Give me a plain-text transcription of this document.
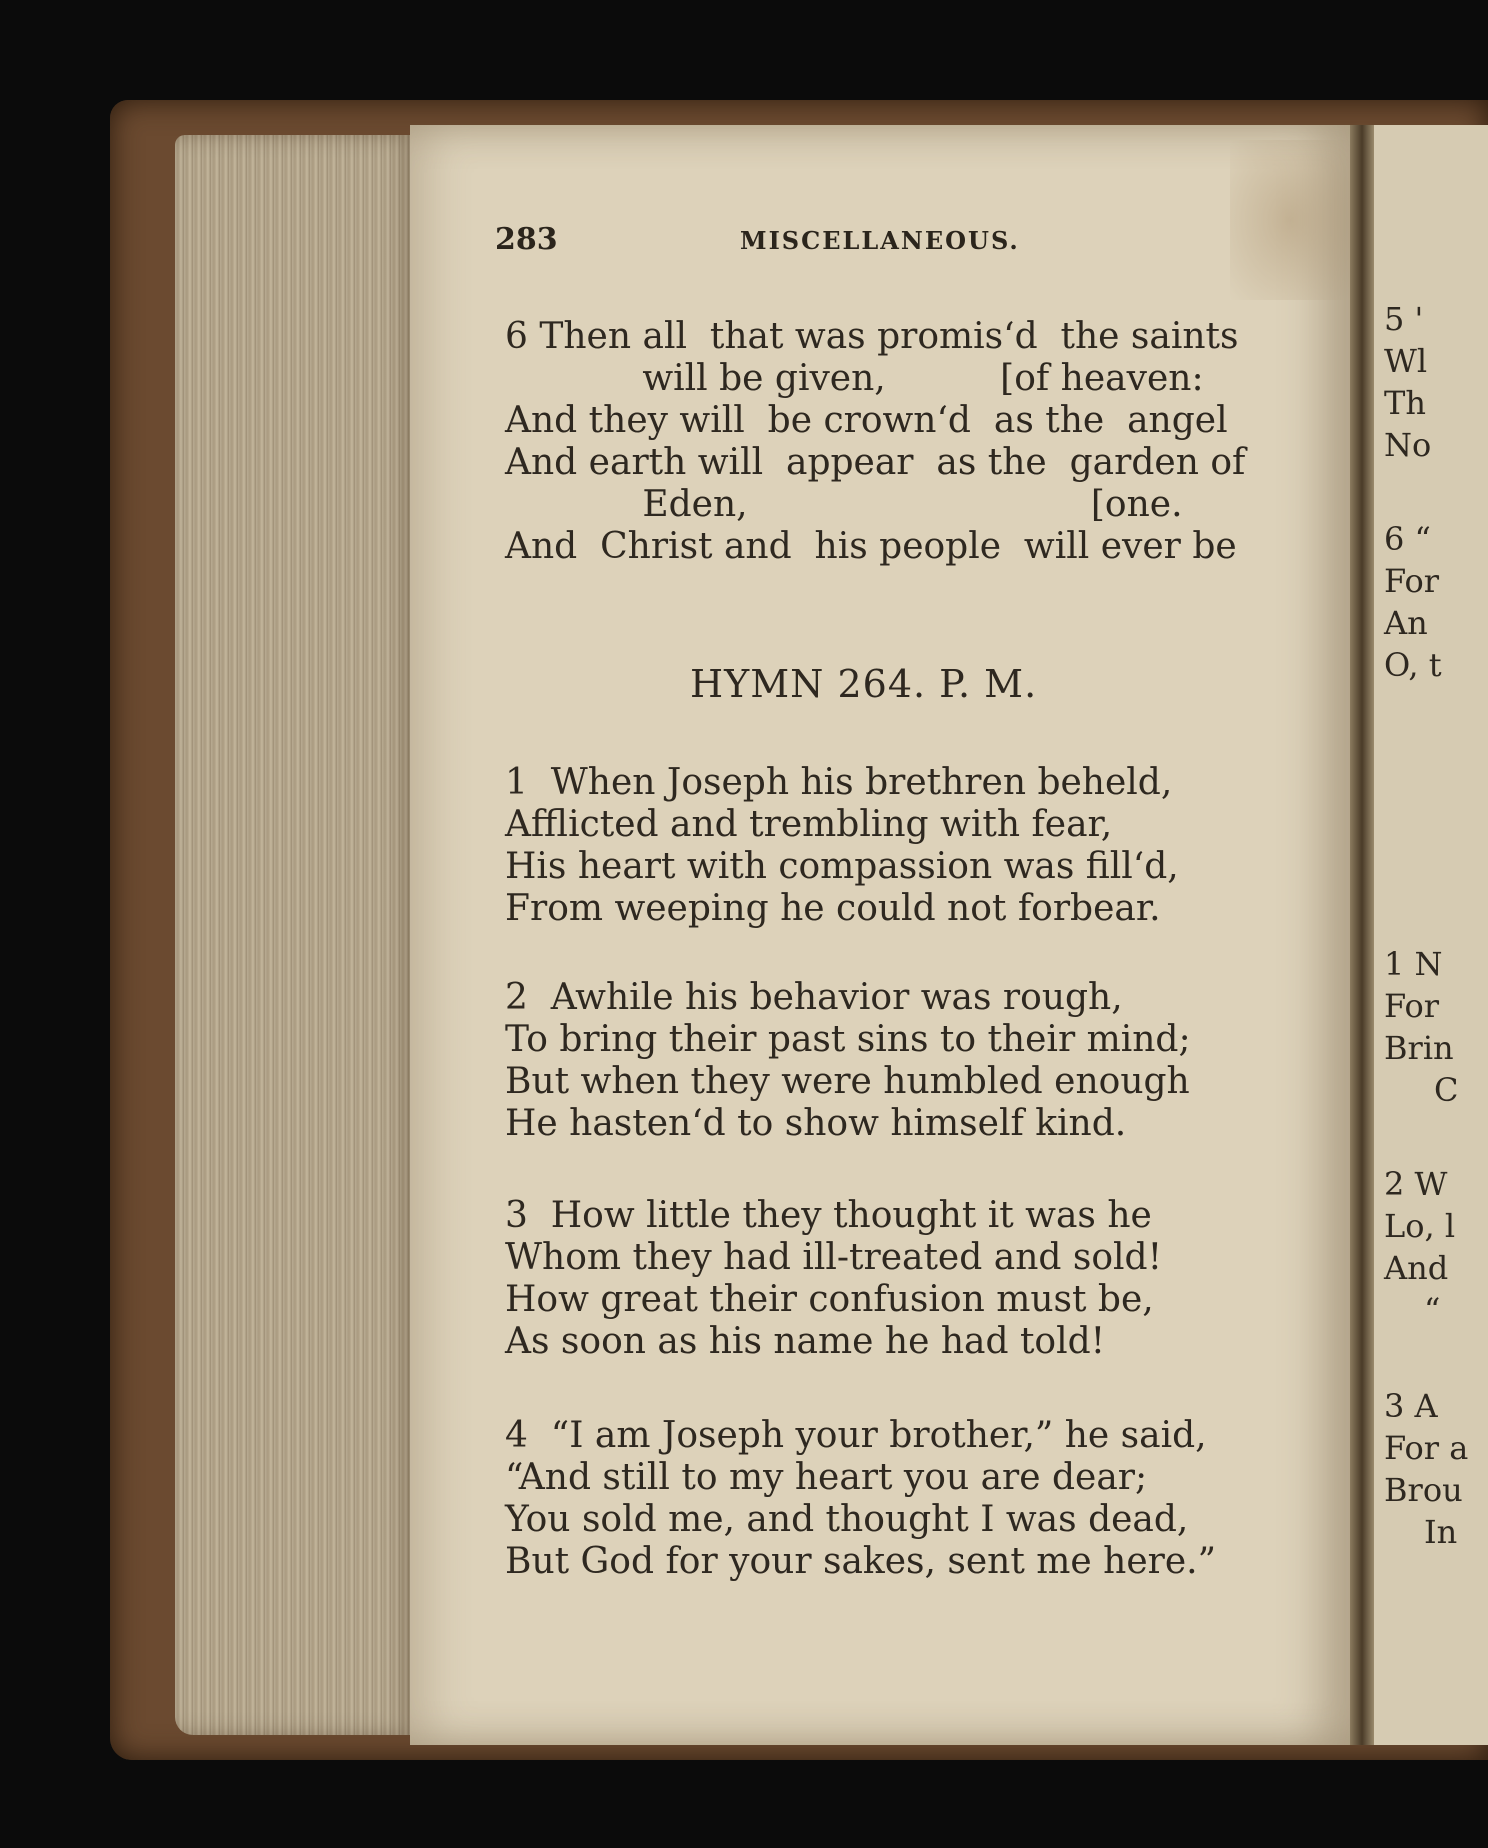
283	MISCELLANEOUS.
6 Then all  that was promis‘d  the saints
will be given,          [of heaven:
And they will  be crown‘d  as the  angel
And earth will  appear  as the  garden of
Eden,                              [one.
And  Christ and  his people  will ever be
HYMN 264. P. M.
1  When Joseph his brethren beheld,
Afflicted and trembling with fear,
His heart with compassion was fill‘d,
From weeping he could not forbear.
2  Awhile his behavior was rough,
To bring their past sins to their mind;
But when they were humbled enough
He hasten‘d to show himself kind.
3  How little they thought it was he
Whom they had ill-treated and sold!
How great their confusion must be,
As soon as his name he had told!
4  “I am Joseph your brother,” he said,
“And still to my heart you are dear;
You sold me, and thought I was dead,
But God for your sakes, sent me here.”
5 '
Wl
Th
No
6 “
For
An
O, t
1 N
For
Brin
C
2 W
Lo, l
And
“
3 A
For a
Brou
In
